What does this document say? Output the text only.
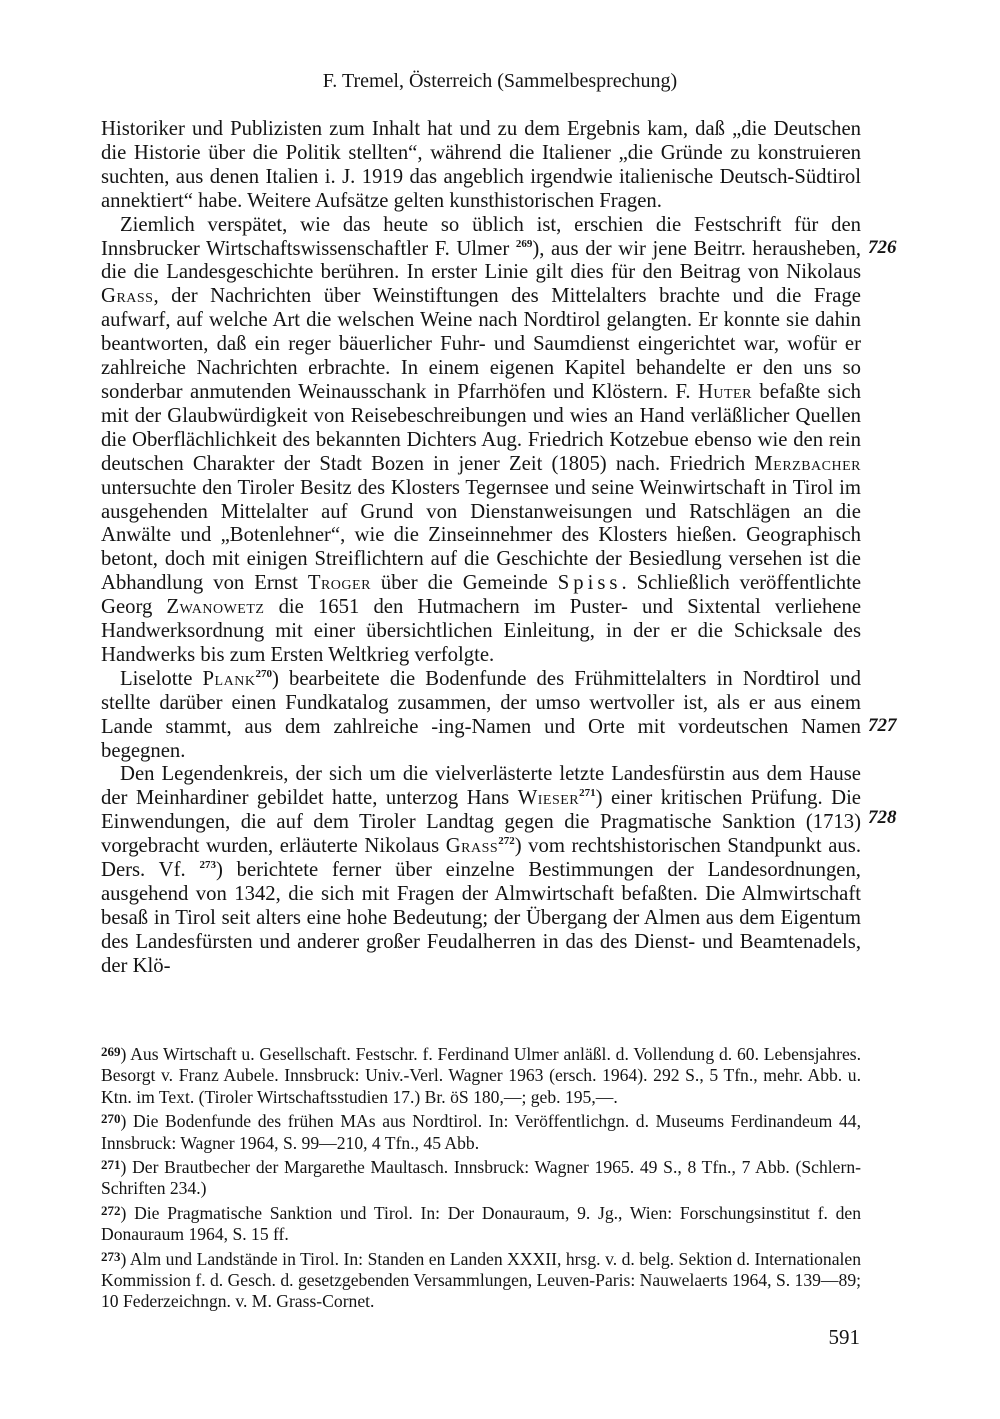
F. Tremel, Österreich (Sammelbesprechung)

Historiker und Publizisten zum Inhalt hat und zu dem Ergebnis kam, daß „die Deutschen die Historie über die Politik stellten“, während die Italiener „die Gründe zu konstruieren suchten, aus denen Italien i. J. 1919 das angeblich irgendwie italienische Deutsch-Südtirol annektiert“ habe. Weitere Aufsätze gelten kunsthistorischen Fragen.

Ziemlich verspätet, wie das heute so üblich ist, erschien die Festschrift für den Innsbrucker Wirtschaftswissenschaftler F. Ulmer $^{269}$), aus der wir jene Beitrr. herausheben, die die Landesgeschichte berühren. In erster Linie gilt dies für den Beitrag von Nikolaus Grass, der Nachrichten über Weinstiftungen des Mittelalters brachte und die Frage aufwarf, auf welche Art die welschen Weine nach Nordtirol gelangten. Er konnte sie dahin beantworten, daß ein reger bäuerlicher Fuhr- und Saumdienst eingerichtet war, wofür er zahlreiche Nachrichten erbrachte. In einem eigenen Kapitel behandelte er den uns so sonderbar anmutenden Weinausschank in Pfarrhöfen und Klöstern. F. Huter befaßte sich mit der Glaubwürdigkeit von Reisebeschreibungen und wies an Hand verläßlicher Quellen die Oberflächlichkeit des bekannten Dichters Aug. Friedrich Kotzebue ebenso wie den rein deutschen Charakter der Stadt Bozen in jener Zeit (1805) nach. Friedrich Merzbacher untersuchte den Tiroler Besitz des Klosters Tegernsee und seine Weinwirtschaft in Tirol im ausgehenden Mittelalter auf Grund von Dienstanweisungen und Ratschlägen an die Anwälte und „Botenlehner“, wie die Zinseinnehmer des Klosters hießen. Geographisch betont, doch mit einigen Streiflichtern auf die Geschichte der Besiedlung versehen ist die Abhandlung von Ernst Troger über die Gemeinde Spiss. Schließlich veröffentlichte Georg Zwanowetz die 1651 den Hutmachern im Puster- und Sixtental verliehene Handwerksordnung mit einer übersichtlichen Einleitung, in der er die Schicksale des Handwerks bis zum Ersten Weltkrieg verfolgte.

Liselotte Plank$^{270}$) bearbeitete die Bodenfunde des Frühmittelalters in Nordtirol und stellte darüber einen Fundkatalog zusammen, der umso wertvoller ist, als er aus einem Lande stammt, aus dem zahlreiche -ing-Namen und Orte mit vordeutschen Namen begegnen.

Den Legendenkreis, der sich um die vielverlästerte letzte Landesfürstin aus dem Hause der Meinhardiner gebildet hatte, unterzog Hans Wieser$^{271}$) einer kritischen Prüfung. Die Einwendungen, die auf dem Tiroler Landtag gegen die Pragmatische Sanktion (1713) vorgebracht wurden, erläuterte Nikolaus Grass$^{272}$) vom rechtshistorischen Standpunkt aus. Ders. Vf. $^{273}$) berichtete ferner über einzelne Bestimmungen der Landesordnungen, ausgehend von 1342, die sich mit Fragen der Almwirtschaft befaßten. Die Almwirtschaft besaß in Tirol seit alters eine hohe Bedeutung; der Übergang der Almen aus dem Eigentum des Landesfürsten und anderer großer Feudalherren in das des Dienst- und Beamtenadels, der Klö-

726
727
728

$^{269}$) Aus Wirtschaft u. Gesellschaft. Festschr. f. Ferdinand Ulmer anläßl. d. Vollendung d. 60. Lebensjahres. Besorgt v. Franz Aubele. Innsbruck: Univ.-Verl. Wagner 1963 (ersch. 1964). 292 S., 5 Tfn., mehr. Abb. u. Ktn. im Text. (Tiroler Wirtschaftsstudien 17.) Br. öS 180,—; geb. 195,—.

$^{270}$) Die Bodenfunde des frühen MAs aus Nordtirol. In: Veröffentlichgn. d. Museums Ferdinandeum 44, Innsbruck: Wagner 1964, S. 99—210, 4 Tfn., 45 Abb.

$^{271}$) Der Brautbecher der Margarethe Maultasch. Innsbruck: Wagner 1965. 49 S., 8 Tfn., 7 Abb. (Schlern-Schriften 234.)

$^{272}$) Die Pragmatische Sanktion und Tirol. In: Der Donauraum, 9. Jg., Wien: Forschungsinstitut f. den Donauraum 1964, S. 15 ff.

$^{273}$) Alm und Landstände in Tirol. In: Standen en Landen XXXII, hrsg. v. d. belg. Sektion d. Internationalen Kommission f. d. Gesch. d. gesetzgebenden Versammlungen, Leuven-Paris: Nauwelaerts 1964, S. 139—89; 10 Federzeichngn. v. M. Grass-Cornet.

591
